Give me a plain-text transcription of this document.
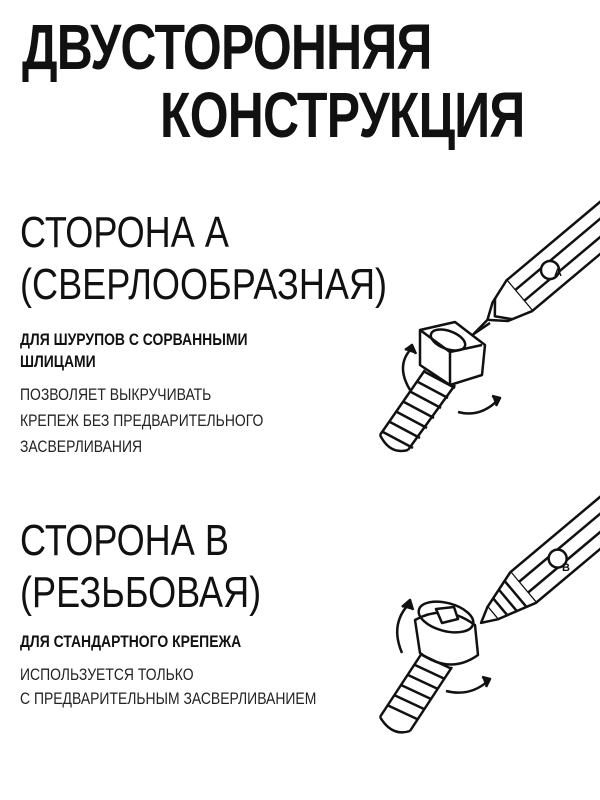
ДВУСТОРОННЯЯ
КОНСТРУКЦИЯ
СТОРОНА А
(СВЕРЛООБРАЗНАЯ)
ДЛЯ ШУРУПОВ С СОРВАННЫМИ
ШЛИЦАМИ
ПОЗВОЛЯЕТ ВЫКРУЧИВАТЬ
КРЕПЕЖ БЕЗ ПРЕДВАРИТЕЛЬНОГО
ЗАСВЕРЛИВАНИЯ
СТОРОНА В
(РЕЗЬБОВАЯ)
ДЛЯ СТАНДАРТНОГО КРЕПЕЖА
ИСПОЛЬЗУЕТСЯ ТОЛЬКО
С ПРЕДВАРИТЕЛЬНЫМ ЗАСВЕРЛИВАНИЕМ
A
B
